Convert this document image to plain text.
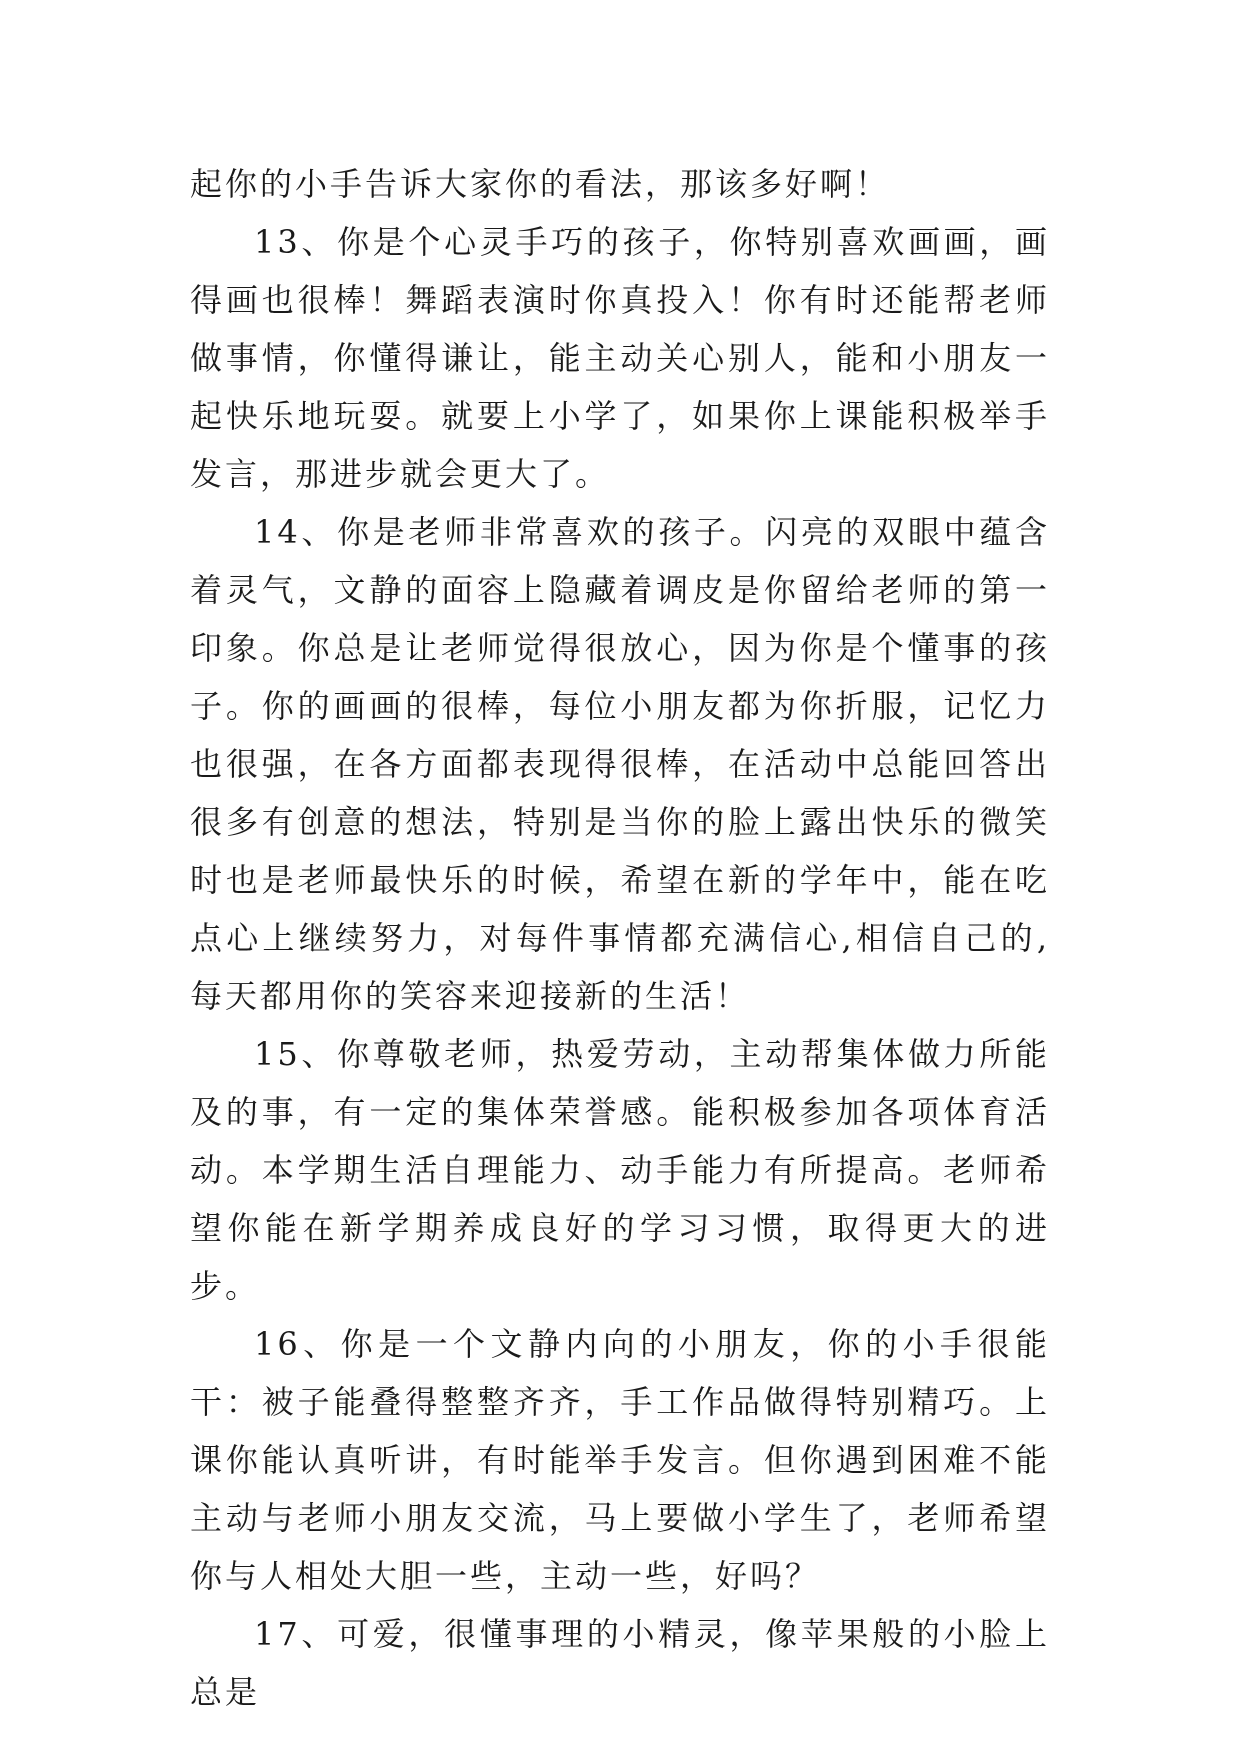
起你的小手告诉大家你的看法，那该多好啊！

13、你是个心灵手巧的孩子，你特别喜欢画画，画得画也很棒！舞蹈表演时你真投入！你有时还能帮老师做事情，你懂得谦让，能主动关心别人，能和小朋友一起快乐地玩耍。就要上小学了，如果你上课能积极举手发言，那进步就会更大了。

14、你是老师非常喜欢的孩子。闪亮的双眼中蕴含着灵气，文静的面容上隐藏着调皮是你留给老师的第一印象。你总是让老师觉得很放心，因为你是个懂事的孩子。你的画画的很棒，每位小朋友都为你折服，记忆力也很强，在各方面都表现得很棒，在活动中总能回答出很多有创意的想法，特别是当你的脸上露出快乐的微笑时也是老师最快乐的时候，希望在新的学年中，能在吃点心上继续努力，对每件事情都充满信心,相信自己的,每天都用你的笑容来迎接新的生活！

15、你尊敬老师，热爱劳动，主动帮集体做力所能及的事，有一定的集体荣誉感。能积极参加各项体育活动。本学期生活自理能力、动手能力有所提高。老师希望你能在新学期养成良好的学习习惯，取得更大的进步。

16、你是一个文静内向的小朋友，你的小手很能干：被子能叠得整整齐齐，手工作品做得特别精巧。上课你能认真听讲，有时能举手发言。但你遇到困难不能主动与老师小朋友交流，马上要做小学生了，老师希望你与人相处大胆一些，主动一些，好吗？

17、可爱，很懂事理的小精灵，像苹果般的小脸上总是
